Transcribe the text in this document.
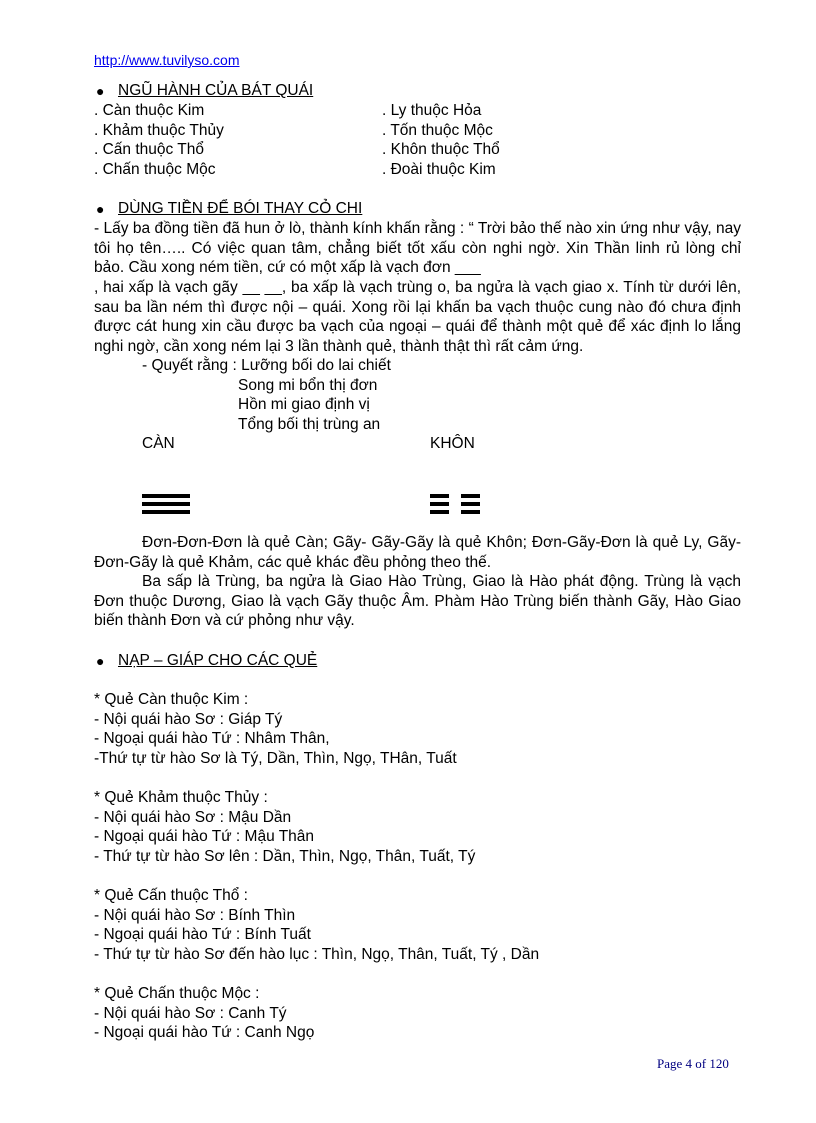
http://www.tuvilyso.com
● NGŨ HÀNH CỦA BÁT QUÁI
. Càn thuộc Kim
. Khảm thuộc Thủy
. Cấn thuộc Thổ
. Chấn thuộc Mộc
. Ly thuộc Hỏa
. Tốn thuộc Mộc
. Khôn thuộc Thổ
. Đoài thuộc Kim
● DÙNG TIỀN ĐỂ BÓI THAY CỎ CHI
- Lấy ba đồng tiền đã hun ở lò, thành kính khấn rằng : “ Trời bảo thế nào xin ứng như vậy, nay tôi họ tên….. Có việc quan tâm, chẳng biết tốt xấu còn nghi ngờ. Xin Thần linh rủ lòng chỉ bảo. Cầu xong ném tiền, cứ có một xấp là vạch đơn ___
, hai xấp là vạch gãy __ __, ba xấp là vạch trùng o, ba ngửa là vạch giao x. Tính từ dưới lên, sau ba lần ném thì được nội – quái. Xong rồi lại khấn ba vạch thuộc cung nào đó chưa định được cát hung xin cầu được ba vạch của ngoại – quái để thành một quẻ để xác định lo lắng nghi ngờ, cần xong ném lại 3 lần thành quẻ, thành thật thì rất cảm ứng.
- Quyết rằng : Lưỡng bối do lai chiết
Song mi bổn thị đơn
Hồn mi giao định vị
Tổng bối thị trùng an
CÀN	KHÔN
Đơn-Đơn-Đơn là quẻ Càn; Gãy- Gãy-Gãy là quẻ Khôn; Đơn-Gãy-Đơn là quẻ Ly, Gãy-Đơn-Gãy là quẻ Khảm, các quẻ khác đều phỏng theo thế.
Ba sấp là Trùng, ba ngửa là Giao Hào Trùng, Giao là Hào phát động. Trùng là vạch Đơn thuộc Dương, Giao là vạch Gãy thuộc Âm. Phàm Hào Trùng biến thành Gãy, Hào Giao biến thành Đơn và cứ phỏng như vậy.
● NẠP – GIÁP CHO CÁC QUẺ
* Quẻ Càn thuộc Kim :
- Nội quái hào Sơ : Giáp Tý
- Ngoại quái hào Tứ : Nhâm Thân,
-Thứ tự từ hào Sơ là Tý, Dần, Thìn, Ngọ, THân, Tuất
* Quẻ Khảm thuộc Thủy :
- Nội quái hào Sơ : Mậu Dần
- Ngoại quái hào Tứ : Mậu Thân
- Thứ tự từ hào Sơ lên : Dần, Thìn, Ngọ, Thân, Tuất, Tý
* Quẻ Cấn thuộc Thổ :
- Nội quái hào Sơ : Bính Thìn
- Ngoại quái hào Tứ : Bính Tuất
- Thứ tự từ hào Sơ đến hào lục : Thìn, Ngọ, Thân, Tuất, Tý , Dần
* Quẻ Chấn thuộc Mộc :
- Nội quái hào Sơ : Canh Tý
- Ngoại quái hào Tứ : Canh Ngọ
Page 4 of 120
